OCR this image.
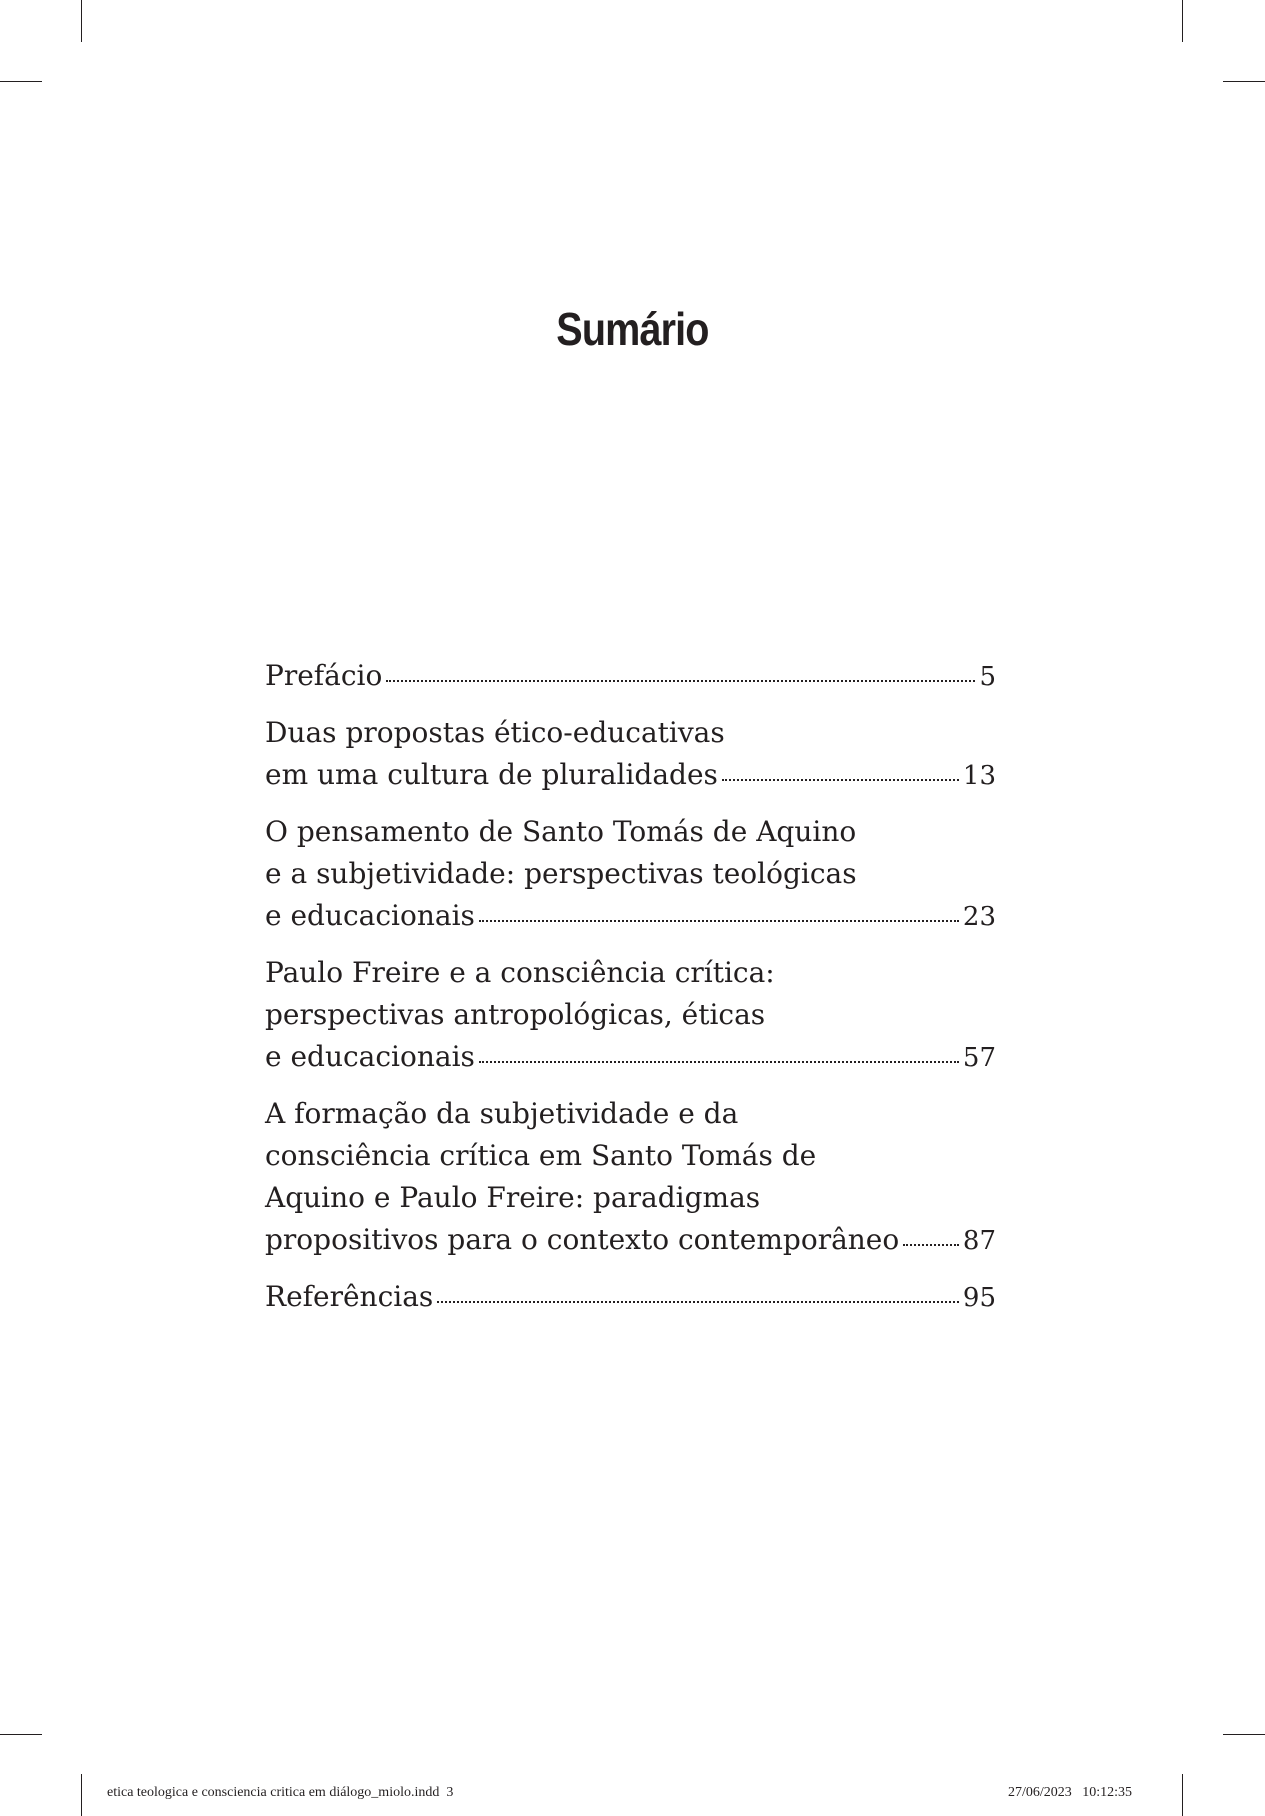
Sumário
Prefácio	5
Duas propostas ético-educativas
em uma cultura de pluralidades	13
O pensamento de Santo Tomás de Aquino
e a subjetividade: perspectivas teológicas
e educacionais	23
Paulo Freire e a consciência crítica:
perspectivas antropológicas, éticas
e educacionais	57
A formação da subjetividade e da
consciência crítica em Santo Tomás de
Aquino e Paulo Freire: paradigmas
propositivos para o contexto contemporâneo 87
Referências	95
etica teologica e consciencia critica em diálogo_miolo.indd 3	27/06/2023 10:12:35
